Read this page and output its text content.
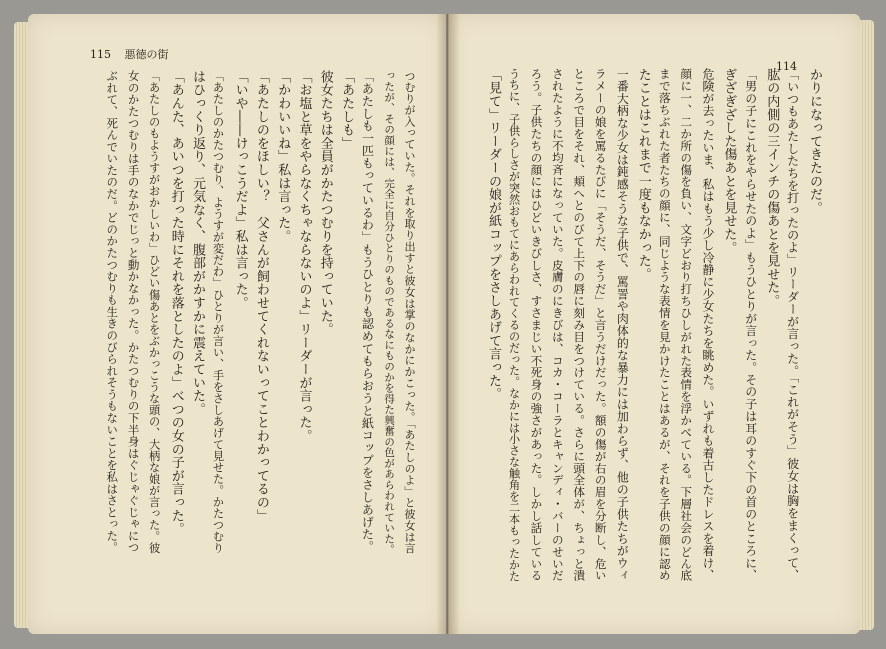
115 悪徳の街
114
つむりが入っていた。それを取り出すと彼女は掌のなかにかこった。「あたしのよ」と彼女は言
ったが、その顔には、完全に自分ひとりのものであるなにものかを得た興奮の色があらわれていた。
「あたしも一匹もっているわ」もうひとりも認めてもらおうと紙コップをさしあげた。
「あたしも」
彼女たちは全員がかたつむりを持っていた。
「お塩と草をやらなくちゃならないのよ」リーダーが言った。
「かわいいね」私は言った。
「あたしのをほしい？　父さんが飼わせてくれないってことわかってるの」
「いや――けっこうだよ」私は言った。
「あたしのかたつむり、ようすが変だわ」ひとりが言い、手をさしあげて見せた。かたつむり
はひっくり返り、元気なく、腹部がかすかに震えていた。
「あんた、あいつを打った時にそれを落としたのよ」べつの女の子が言った。
「あたしのもようすがおかしいわ」ひどい傷あとをぶかっこうな頭の、大柄な娘が言った。彼
女のかたつむりは手のなかでじっと動かなかった。かたつむりの下半身はぐじゃぐじゃにつ
ぶれて、死んでいたのだ。どのかたつむりも生きのびられそうもないことを私はさとった。	かりになってきたのだ。
「いつもあたしたちを打ったのよ」リーダーが言った。「これがそう」彼女は胸をまくって、
肱の内側の三インチの傷あとを見せた。
「男の子にこれをやらせたのよ」もうひとりが言った。その子は耳のすぐ下の首のところに、
ぎざぎざした傷あとを見せた。
危険が去ったいま、私はもう少し冷静に少女たちを眺めた。いずれも着古したドレスを着け、
顔に一、二か所の傷を負い、文字どおり打ちひしがれた表情を浮かべている。下層社会のどん底
まで落ちぶれた者たちの顔に、同じような表情を見かけたことはあるが、それを子供の顔に認め
たことはこれまで一度もなかった。
一番大柄な少女は鈍感そうな子供で、罵詈や肉体的な暴力には加わらず、他の子供たちがウィ
ラメーの娘を罵るたびに「そうだ、そうだ」と言うだけだった。額の傷が右の眉を分断し、危い
ところで目をそれ、頬へとのびて上下の唇に刻み目をつけている。さらに頭全体が、ちょっと潰
されたように不均斉になっていた。皮膚のにきびは、コカ・コーラとキャンディ・バーのせいだ
ろう。子供たちの顔にはひどいきびしさ、すさまじい不死身の強さがあった。しかし話している
うちに、子供らしさが突然おもてにあらわれてくるのだった。なかには小さな触角を二本もったかた
「見て」リーダーの娘が紙コップをさしあげて言った。
